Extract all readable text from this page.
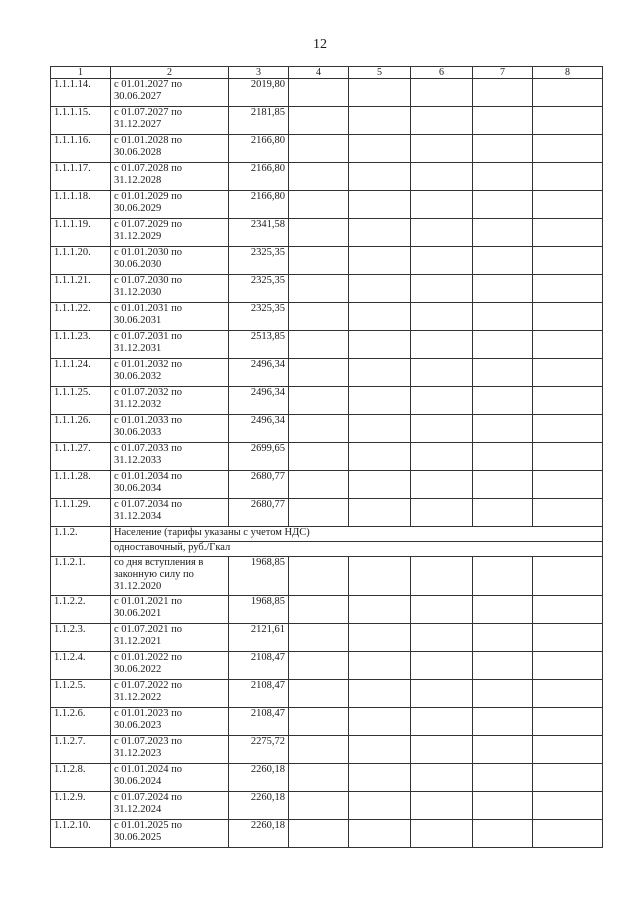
12
1	2	3	4	5	6	7	8
1.1.1.14.	с 01.01.2027 по 30.06.2027	2019,80					
1.1.1.15.	с 01.07.2027 по 31.12.2027	2181,85					
1.1.1.16.	с 01.01.2028 по 30.06.2028	2166,80					
1.1.1.17.	с 01.07.2028 по 31.12.2028	2166,80					
1.1.1.18.	с 01.01.2029 по 30.06.2029	2166,80					
1.1.1.19.	с 01.07.2029 по 31.12.2029	2341,58					
1.1.1.20.	с 01.01.2030 по 30.06.2030	2325,35					
1.1.1.21.	с 01.07.2030 по 31.12.2030	2325,35					
1.1.1.22.	с 01.01.2031 по 30.06.2031	2325,35					
1.1.1.23.	с 01.07.2031 по 31.12.2031	2513,85					
1.1.1.24.	с 01.01.2032 по 30.06.2032	2496,34					
1.1.1.25.	с 01.07.2032 по 31.12.2032	2496,34					
1.1.1.26.	с 01.01.2033 по 30.06.2033	2496,34					
1.1.1.27.	с 01.07.2033 по 31.12.2033	2699,65					
1.1.1.28.	с 01.01.2034 по 30.06.2034	2680,77					
1.1.1.29.	с 01.07.2034 по 31.12.2034	2680,77					
1.1.2.	Население (тарифы указаны с учетом НДС)						
	одноставочный, руб./Гкал						
1.1.2.1.	со дня вступления в законную силу по 31.12.2020	1968,85					
1.1.2.2.	с 01.01.2021 по 30.06.2021	1968,85					
1.1.2.3.	с 01.07.2021 по 31.12.2021	2121,61					
1.1.2.4.	с 01.01.2022 по 30.06.2022	2108,47					
1.1.2.5.	с 01.07.2022 по 31.12.2022	2108,47					
1.1.2.6.	с 01.01.2023 по 30.06.2023	2108,47					
1.1.2.7.	с 01.07.2023 по 31.12.2023	2275,72					
1.1.2.8.	с 01.01.2024 по 30.06.2024	2260,18					
1.1.2.9.	с 01.07.2024 по 31.12.2024	2260,18					
1.1.2.10.	с 01.01.2025 по 30.06.2025	2260,18					
